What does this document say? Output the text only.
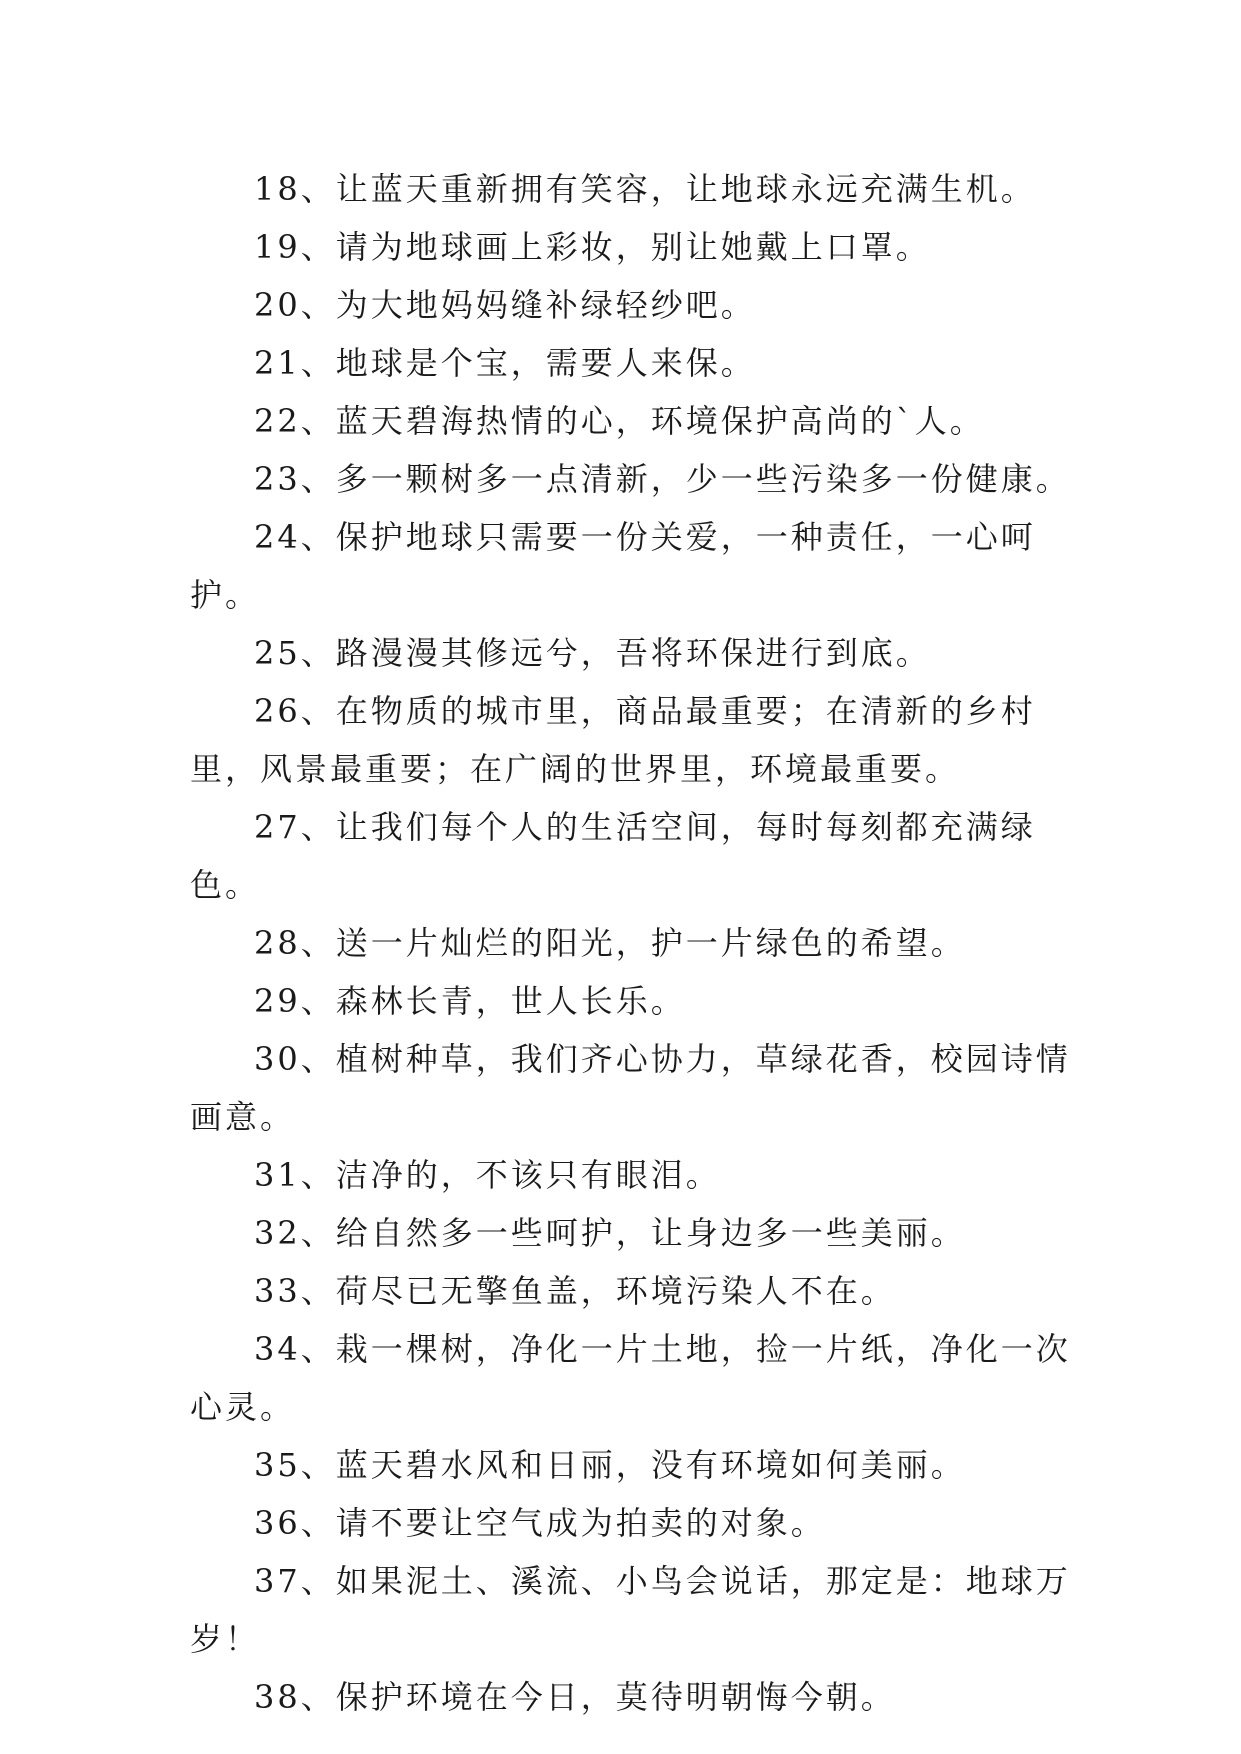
18、让蓝天重新拥有笑容，让地球永远充满生机。

19、请为地球画上彩妆，别让她戴上口罩。

20、为大地妈妈缝补绿轻纱吧。

21、地球是个宝，需要人来保。

22、蓝天碧海热情的心，环境保护高尚的`人。

23、多一颗树多一点清新，少一些污染多一份健康。

24、保护地球只需要一份关爱，一种责任，一心呵护。

25、路漫漫其修远兮，吾将环保进行到底。

26、在物质的城市里，商品最重要；在清新的乡村里，风景最重要；在广阔的世界里，环境最重要。

27、让我们每个人的生活空间，每时每刻都充满绿色。

28、送一片灿烂的阳光，护一片绿色的希望。

29、森林长青，世人长乐。

30、植树种草，我们齐心协力，草绿花香，校园诗情画意。

31、洁净的，不该只有眼泪。

32、给自然多一些呵护，让身边多一些美丽。

33、荷尽已无擎鱼盖，环境污染人不在。

34、栽一棵树，净化一片土地，捡一片纸，净化一次心灵。

35、蓝天碧水风和日丽，没有环境如何美丽。

36、请不要让空气成为拍卖的对象。

37、如果泥土、溪流、小鸟会说话，那定是：地球万岁！

38、保护环境在今日，莫待明朝悔今朝。
